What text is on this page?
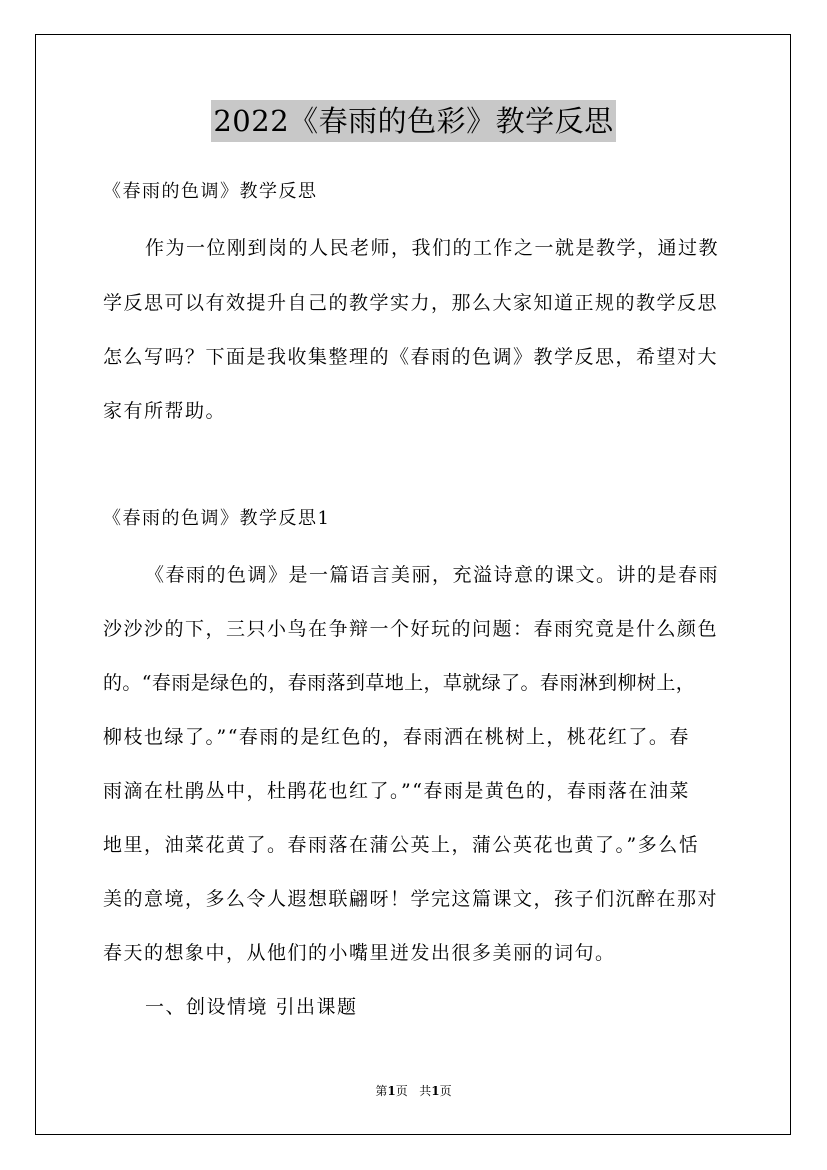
2022《春雨的色彩》教学反思
《春雨的色调》教学反思
作为一位刚到岗的人民老师，我们的工作之一就是教学，通过教
学反思可以有效提升自己的教学实力，那么大家知道正规的教学反思
怎么写吗？下面是我收集整理的《春雨的色调》教学反思，希望对大
家有所帮助。
《春雨的色调》教学反思1
《春雨的色调》是一篇语言美丽，充溢诗意的课文。讲的是春雨
沙沙沙的下，三只小鸟在争辩一个好玩的问题：春雨究竟是什么颜色
的。“春雨是绿色的，春雨落到草地上，草就绿了。春雨淋到柳树上，
柳枝也绿了。”“春雨的是红色的，春雨洒在桃树上，桃花红了。春
雨滴在杜鹃丛中，杜鹃花也红了。”“春雨是黄色的，春雨落在油菜
地里，油菜花黄了。春雨落在蒲公英上，蒲公英花也黄了。”多么恬
美的意境，多么令人遐想联翩呀！学完这篇课文，孩子们沉醉在那对
春天的想象中，从他们的小嘴里迸发出很多美丽的词句。
一、创设情境 引出课题
第1页 共1页
